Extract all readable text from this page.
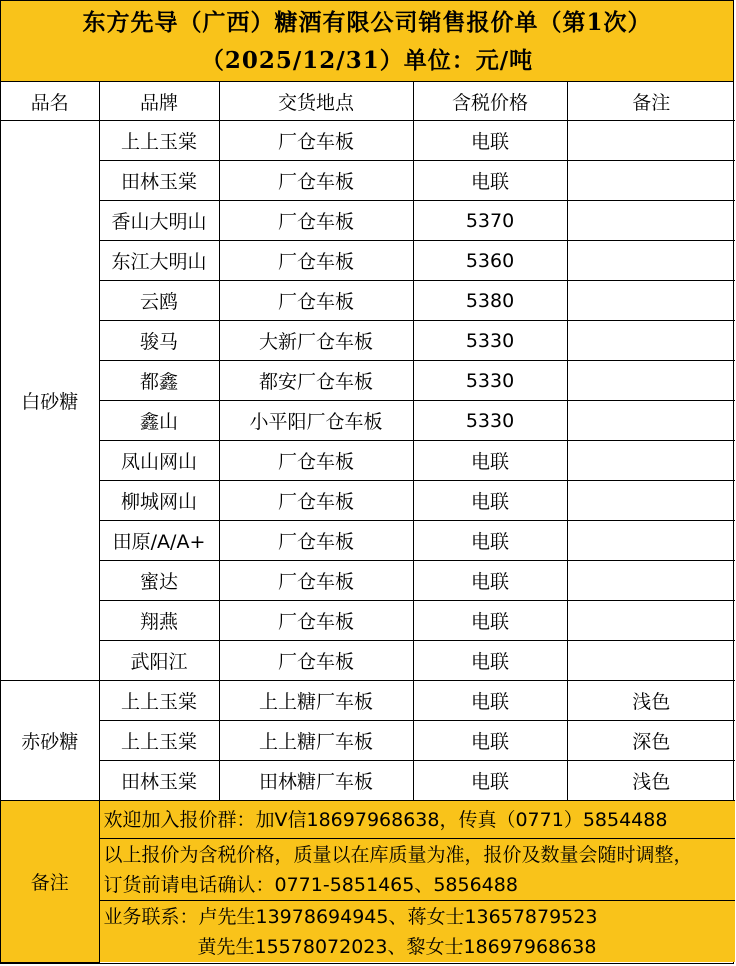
东方先导（广西）糖酒有限公司销售报价单（第1次）
（2025/12/31）单位：元/吨
品名	品牌	交货地点	含税价格	备注
白砂糖	上上玉棠	厂仓车板	电联	
	田林玉棠	厂仓车板	电联	
	香山大明山	厂仓车板	5370	
	东江大明山	厂仓车板	5360	
	云鸥	厂仓车板	5380	
	骏马	大新厂仓车板	5330	
	都鑫	都安厂仓车板	5330	
	鑫山	小平阳厂仓车板	5330	
	凤山网山	厂仓车板	电联	
	柳城网山	厂仓车板	电联	
	田原/A/A+	厂仓车板	电联	
	蜜达	厂仓车板	电联	
	翔燕	厂仓车板	电联	
	武阳江	厂仓车板	电联	
赤砂糖	上上玉棠	上上糖厂车板	电联	浅色
	上上玉棠	上上糖厂车板	电联	深色
	田林玉棠	田林糖厂车板	电联	浅色
备注	
欢迎加入报价群：加V信18697968638，传真（0771）5854488

以上报价为含税价格，质量以在库质量为准，报价及数量会随时调整，
订货前请电话确认：0771-5851465、5856488

业务联系：卢先生13978694945、蒋女士13657879523
黄先生15578072023、黎女士18697968638
